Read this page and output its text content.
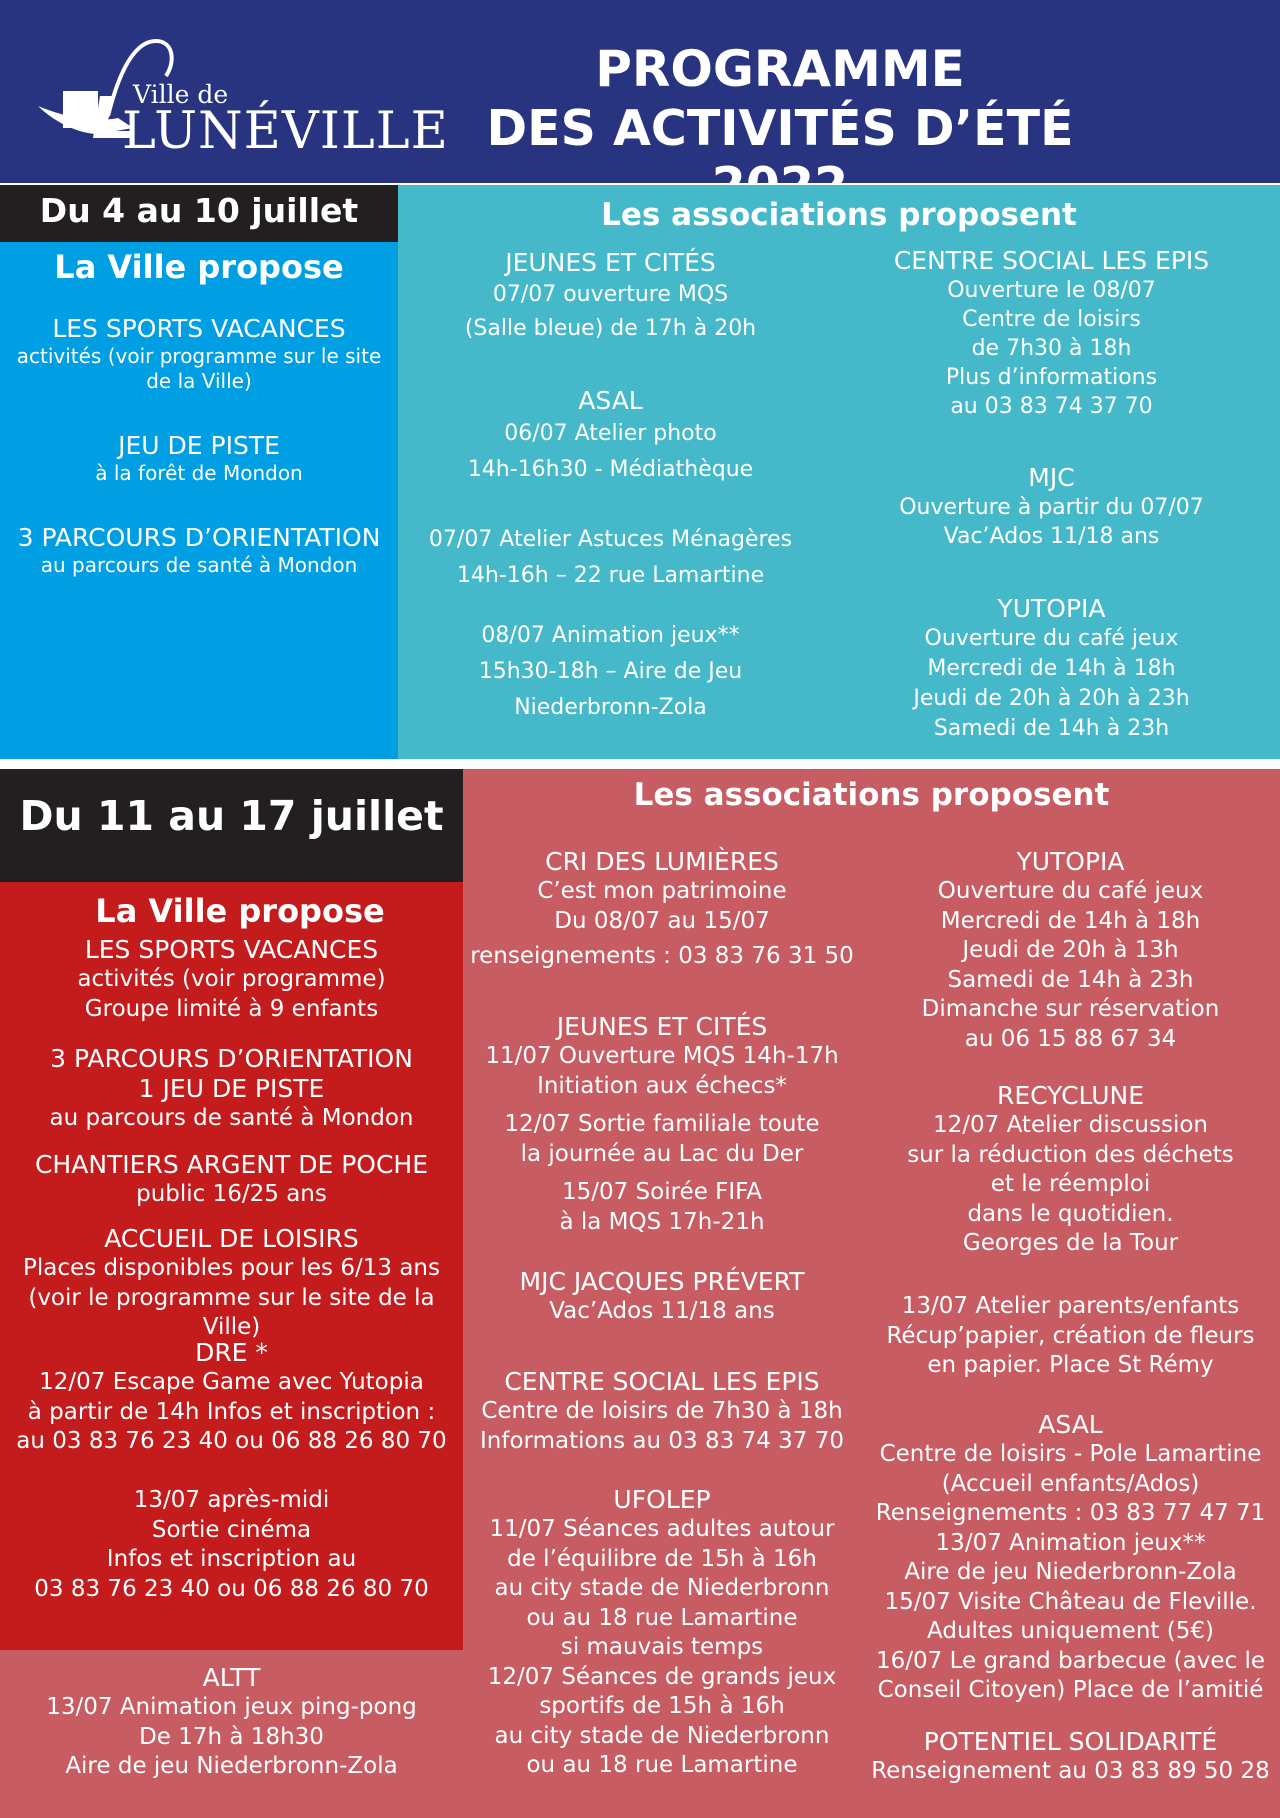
Ville de
LUNÉVILLE
PROGRAMME
DES ACTIVITÉS D’ÉTÉ
Du 4 au 10 juillet
La Ville propose
LES SPORTS VACANCES
activités (voir programme sur le site
de la Ville)
JEU DE PISTE
à la forêt de Mondon
3 PARCOURS D’ORIENTATION
au parcours de santé à Mondon
Les associations proposent
JEUNES ET CITÉS
07/07 ouverture MQS
(Salle bleue) de 17h à 20h
ASAL
06/07 Atelier photo
14h-16h30 - Médiathèque
07/07 Atelier Astuces Ménagères
14h-16h – 22 rue Lamartine
08/07 Animation jeux**
15h30-18h – Aire de Jeu
Niederbronn-Zola
CENTRE SOCIAL LES EPIS
Ouverture le 08/07
Centre de loisirs
de 7h30 à 18h
Plus d’informations
au 03 83 74 37 70
MJC
Ouverture à partir du 07/07
Vac’Ados 11/18 ans
YUTOPIA
Ouverture du café jeux
Mercredi de 14h à 18h
Jeudi de 20h à 20h à 23h
Samedi de 14h à 23h
Les associations proposent
CRI DES LUMIÈRES
C’est mon patrimoine
Du 08/07 au 15/07
renseignements : 03 83 76 31 50
JEUNES ET CITÉS
11/07 Ouverture MQS 14h-17h
Initiation aux échecs*
12/07 Sortie familiale toute
la journée au Lac du Der
15/07 Soirée FIFA
à la MQS 17h-21h
MJC JACQUES PRÉVERT
Vac’Ados 11/18 ans
CENTRE SOCIAL LES EPIS
Centre de loisirs de 7h30 à 18h
Informations au 03 83 74 37 70
UFOLEP
11/07 Séances adultes autour
de l’équilibre de 15h à 16h
au city stade de Niederbronn
ou au 18 rue Lamartine
si mauvais temps
12/07 Séances de grands jeux
sportifs de 15h à 16h
au city stade de Niederbronn
ou au 18 rue Lamartine
YUTOPIA
Ouverture du café jeux
Mercredi de 14h à 18h
Jeudi de 20h à 13h
Samedi de 14h à 23h
Dimanche sur réservation
au 06 15 88 67 34
RECYCLUNE
12/07 Atelier discussion
sur la réduction des déchets
et le réemploi
dans le quotidien.
Georges de la Tour
13/07 Atelier parents/enfants
Récup’papier, création de fleurs
en papier. Place St Rémy
ASAL
Centre de loisirs - Pole Lamartine
(Accueil enfants/Ados)
Renseignements : 03 83 77 47 71
13/07 Animation jeux**
Aire de jeu Niederbronn-Zola
15/07 Visite Château de Fleville.
Adultes uniquement (5€)
16/07 Le grand barbecue (avec le
Conseil Citoyen) Place de l’amitié
POTENTIEL SOLIDARITÉ
Renseignement au 03 83 89 50 28
ALTT
13/07 Animation jeux ping-pong
De 17h à 18h30
Aire de jeu Niederbronn-Zola
Du 11 au 17 juillet
La Ville propose
LES SPORTS VACANCES
activités (voir programme)
Groupe limité à 9 enfants
3 PARCOURS D’ORIENTATION
1 JEU DE PISTE
au parcours de santé à Mondon
CHANTIERS ARGENT DE POCHE
public 16/25 ans
ACCUEIL DE LOISIRS
Places disponibles pour les 6/13 ans
(voir le programme sur le site de la Ville)
DRE *
12/07 Escape Game avec Yutopia
à partir de 14h Infos et inscription :
au 03 83 76 23 40 ou 06 88 26 80 70
13/07 après-midi
Sortie cinéma
Infos et inscription au
03 83 76 23 40 ou 06 88 26 80 70
